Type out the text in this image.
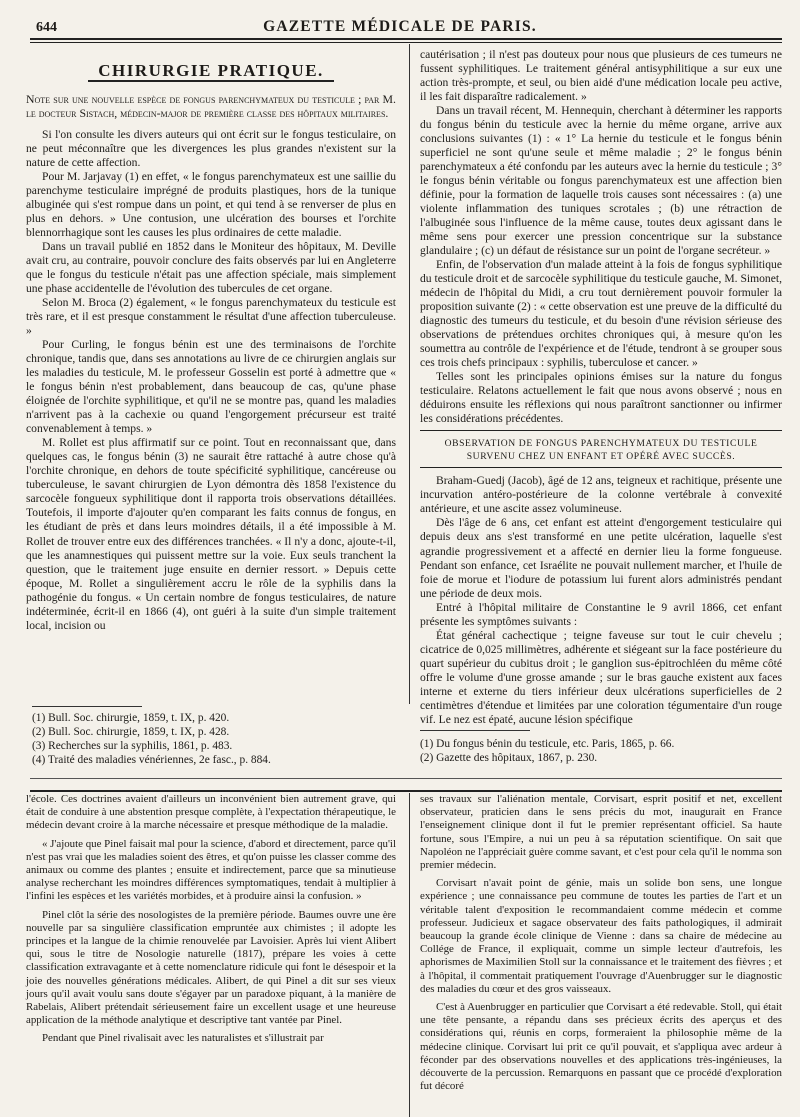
644	GAZETTE MÉDICALE DE PARIS.
CHIRURGIE PRATIQUE.

Note sur une nouvelle espèce de fongus parenchymateux du testicule ; par M. le docteur Sistach, médecin-major de première classe des hôpitaux militaires.

Si l'on consulte les divers auteurs qui ont écrit sur le fongus testiculaire, on ne peut méconnaître que les divergences les plus grandes n'existent sur la nature de cette affection.

Pour M. Jarjavay (1) en effet, « le fongus parenchymateux est une saillie du parenchyme testiculaire imprégné de produits plastiques, hors de la tunique albuginée qui s'est rompue dans un point, et qui tend à se renverser de plus en plus en dehors. » Une contusion, une ulcération des bourses et l'orchite blennorrhagique sont les causes les plus ordinaires de cette maladie.

Dans un travail publié en 1852 dans le Moniteur des hôpitaux, M. Deville avait cru, au contraire, pouvoir conclure des faits observés par lui en Angleterre que le fongus du testicule n'était pas une affection spéciale, mais simplement une phase accidentelle de l'évolution des tubercules de cet organe.

Selon M. Broca (2) également, « le fongus parenchymateux du testicule est très rare, et il est presque constamment le résultat d'une affection tuberculeuse. »

Pour Curling, le fongus bénin est une des terminaisons de l'orchite chronique, tandis que, dans ses annotations au livre de ce chirurgien anglais sur les maladies du testicule, M. le professeur Gosselin est porté à admettre que « le fongus bénin n'est probablement, dans beaucoup de cas, qu'une phase éloignée de l'orchite syphilitique, et qu'il ne se montre pas, quand les maladies n'arrivent pas à la cachexie ou quand l'engorgement précurseur est traité convenablement à temps. »

M. Rollet est plus affirmatif sur ce point. Tout en reconnaissant que, dans quelques cas, le fongus bénin (3) ne saurait être rattaché à autre chose qu'à l'orchite chronique, en dehors de toute spécificité syphilitique, cancéreuse ou tuberculeuse, le savant chirurgien de Lyon démontra dès 1858 l'existence du sarcocèle fongueux syphilitique dont il rapporta trois observations détaillées. Toutefois, il importe d'ajouter qu'en comparant les faits connus de fongus, en les étudiant de près et dans leurs moindres détails, il a été impossible à M. Rollet de trouver entre eux des différences tranchées. « Il n'y a donc, ajoute-t-il, que les anamnestiques qui puissent mettre sur la voie. Eux seuls tranchent la question, que le traitement juge ensuite en dernier ressort. » Depuis cette époque, M. Rollet a singulièrement accru le rôle de la syphilis dans la pathogénie du fongus. « Un certain nombre de fongus testiculaires, de nature indéterminée, écrit-il en 1866 (4), ont guéri à la suite d'un simple traitement local, incision ou

cautérisation ; il n'est pas douteux pour nous que plusieurs de ces tumeurs ne fussent syphilitiques. Le traitement général antisyphilitique a sur eux une action très-prompte, et seul, ou bien aidé d'une médication locale peu active, il les fait disparaître radicalement. »

Dans un travail récent, M. Hennequin, cherchant à déterminer les rapports du fongus bénin du testicule avec la hernie du même organe, arrive aux conclusions suivantes (1) : « 1° La hernie du testicule et le fongus bénin superficiel ne sont qu'une seule et même maladie ; 2° le fongus bénin parenchymateux a été confondu par les auteurs avec la hernie du testicule ; 3° le fongus bénin véritable ou fongus parenchymateux est une affection bien définie, pour la formation de laquelle trois causes sont nécessaires : (a) une violente inflammation des tuniques scrotales ; (b) une rétraction de l'albuginée sous l'influence de la même cause, toutes deux agissant dans le même sens pour exercer une pression concentrique sur la substance glandulaire ; (c) un défaut de résistance sur un point de l'organe secréteur. »

Enfin, de l'observation d'un malade atteint à la fois de fongus syphilitique du testicule droit et de sarcocèle syphilitique du testicule gauche, M. Simonet, médecin de l'hôpital du Midi, a cru tout dernièrement pouvoir formuler la proposition suivante (2) : « cette observation est une preuve de la difficulté du diagnostic des tumeurs du testicule, et du besoin d'une révision sérieuse des observations de prétendues orchites chroniques qui, à mesure qu'on les soumettra au contrôle de l'expérience et de l'étude, tendront à se grouper sous ces trois chefs principaux : syphilis, tuberculose et cancer. »

Telles sont les principales opinions émises sur la nature du fongus testiculaire. Relatons actuellement le fait que nous avons observé ; nous en déduirons ensuite les réflexions qui nous paraîtront sanctionner ou infirmer les considérations précédentes.

OBSERVATION DE FONGUS PARENCHYMATEUX DU TESTICULE SURVENU CHEZ UN ENFANT ET OPÉRÉ AVEC SUCCÈS.

Braham-Guedj (Jacob), âgé de 12 ans, teigneux et rachitique, présente une incurvation antéro-postérieure de la colonne vertébrale à convexité antérieure, et une ascite assez volumineuse.

Dès l'âge de 6 ans, cet enfant est atteint d'engorgement testiculaire qui depuis deux ans s'est transformé en une petite ulcération, laquelle s'est agrandie progressivement et a affecté en dernier lieu la forme fongueuse. Pendant son enfance, cet Israélite ne pouvait nullement marcher, et l'huile de foie de morue et l'iodure de potassium lui furent alors administrés pendant une période de deux mois.

Entré à l'hôpital militaire de Constantine le 9 avril 1866, cet enfant présente les symptômes suivants :

État général cachectique ; teigne faveuse sur tout le cuir chevelu ; cicatrice de 0,025 millimètres, adhérente et siégeant sur la face postérieure du quart supérieur du cubitus droit ; le ganglion sus-épitrochléen du même côté offre le volume d'une grosse amande ; sur le bras gauche existent aux faces interne et externe du tiers inférieur deux ulcérations superficielles de 2 centimètres d'étendue et limitées par une coloration tégumentaire d'un rouge vif. Le nez est épaté, aucune lésion spécifique

(1) Bull. Soc. chirurgie, 1859, t. IX, p. 420.
(2) Bull. Soc. chirurgie, 1859, t. IX, p. 428.
(3) Recherches sur la syphilis, 1861, p. 483.
(4) Traité des maladies vénériennes, 2e fasc., p. 884.
(1) Du fongus bénin du testicule, etc. Paris, 1865, p. 66.
(2) Gazette des hôpitaux, 1867, p. 230.

l'école. Ces doctrines avaient d'ailleurs un inconvénient bien autrement grave, qui était de conduire à une abstention presque complète, à l'expectation thérapeutique, le médecin devant croire à la marche nécessaire et presque méthodique de la maladie.

« J'ajoute que Pinel faisait mal pour la science, d'abord et directement, parce qu'il n'est pas vrai que les maladies soient des êtres, et qu'on puisse les classer comme des animaux ou comme des plantes ; ensuite et indirectement, parce que sa minutieuse analyse recherchant les moindres différences symptomatiques, tendait à multiplier à l'infini les espèces et les variétés morbides, et à produire ainsi la confusion. »

Pinel clôt la série des nosologistes de la première période. Baumes ouvre une ère nouvelle par sa singulière classification empruntée aux chimistes ; il adopte les principes et la langue de la chimie renouvelée par Lavoisier. Après lui vient Alibert qui, sous le titre de Nosologie naturelle (1817), prépare les voies à cette classification extravagante et à cette nomenclature ridicule qui font le désespoir et la joie des nouvelles générations médicales. Alibert, de qui Pinel a dit sur ses vieux jours qu'il avait voulu sans doute s'égayer par un paradoxe piquant, à la manière de Rabelais, Alibert prétendait sérieusement faire un excellent usage et une heureuse application de la méthode analytique et descriptive tant vantée par Pinel.

Pendant que Pinel rivalisait avec les naturalistes et s'illustrait par

ses travaux sur l'aliénation mentale, Corvisart, esprit positif et net, excellent observateur, praticien dans le sens précis du mot, inaugurait en France l'enseignement clinique dont il fut le premier représentant officiel. Sa haute fortune, sous l'Empire, a nui un peu à sa réputation scientifique. On sait que Napoléon ne l'appréciait guère comme savant, et c'est pour cela qu'il le nomma son premier médecin.

Corvisart n'avait point de génie, mais un solide bon sens, une longue expérience ; une connaissance peu commune de toutes les parties de l'art et un véritable talent d'exposition le recommandaient comme médecin et comme professeur. Judicieux et sagace observateur des faits pathologiques, il admirait beaucoup la grande école clinique de Vienne : dans sa chaire de médecine au Collége de France, il expliquait, comme un simple lecteur d'autrefois, les aphorismes de Maximilien Stoll sur la connaissance et le traitement des fièvres ; et à l'hôpital, il commentait pratiquement l'ouvrage d'Auenbrugger sur le diagnostic des maladies du cœur et des gros vaisseaux.

C'est à Auenbrugger en particulier que Corvisart a été redevable. Stoll, qui était une tête pensante, a répandu dans ses précieux écrits des aperçus et des considérations qui, réunis en corps, formeraient la philosophie même de la médecine clinique. Corvisart lui prit ce qu'il pouvait, et s'appliqua avec ardeur à féconder par des observations nouvelles et des applications très-ingénieuses, la découverte de la percussion. Remarquons en passant que ce procédé d'exploration fut décoré
